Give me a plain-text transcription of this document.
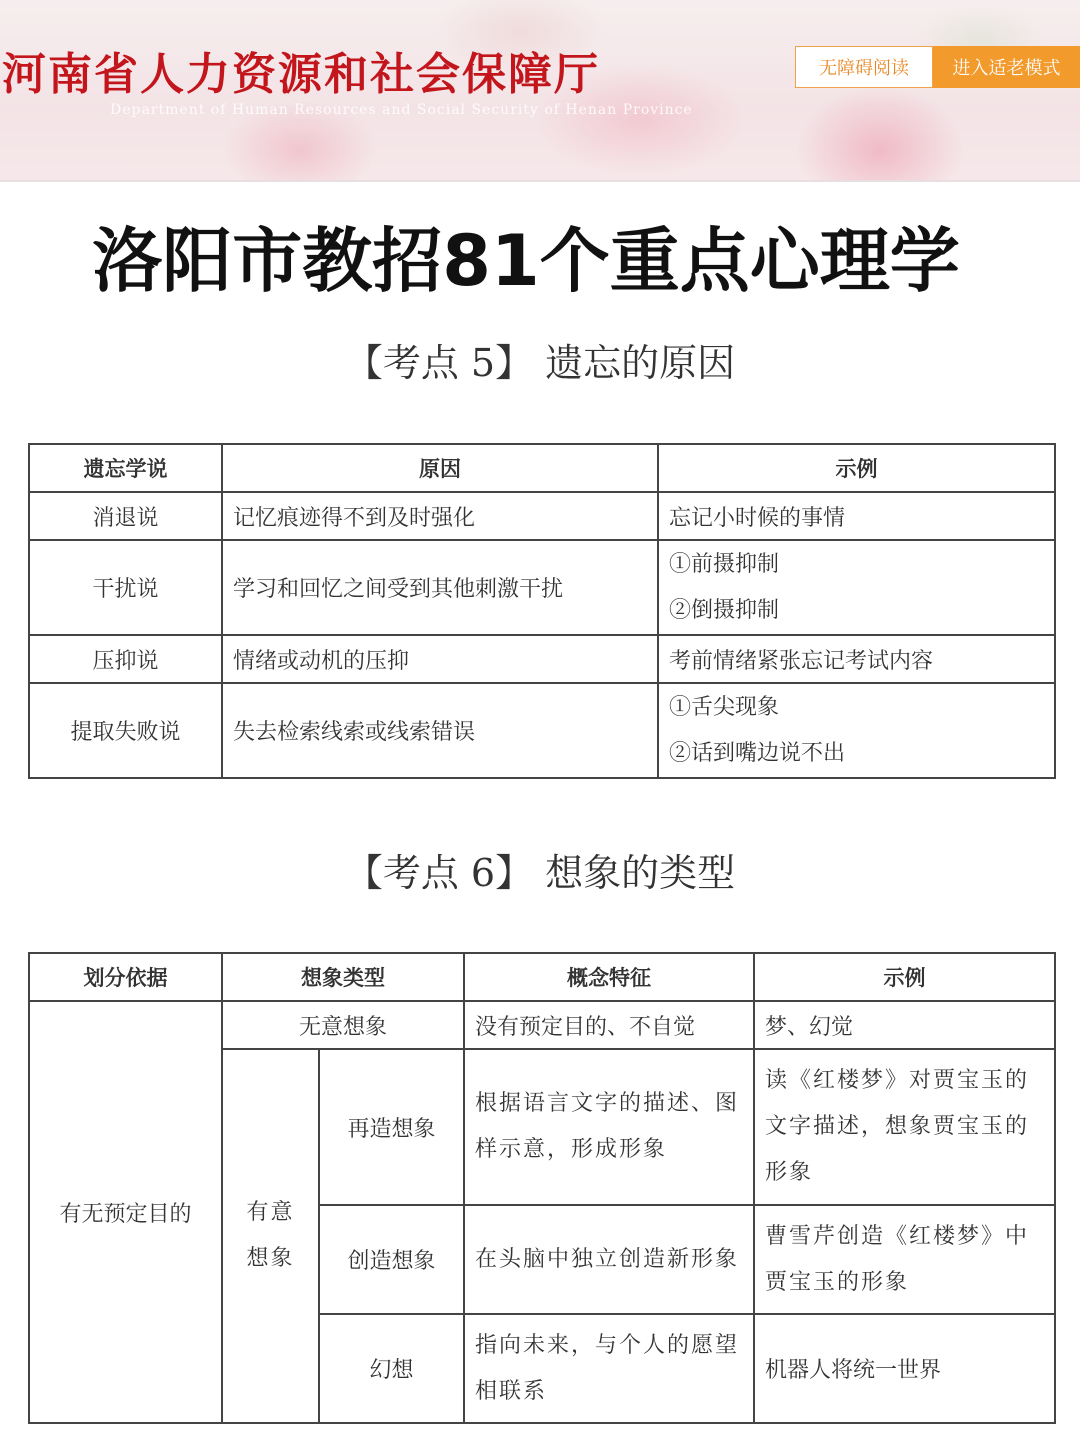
河南省人力资源和社会保障厅
Department of Human Resources and Social Security of Henan Province
无障碍阅读	进入适老模式
洛阳市教招81个重点心理学
【考点 5】 遗忘的原因
遗忘学说	原因	示例
消退说	记忆痕迹得不到及时强化	忘记小时候的事情
干扰说	学习和回忆之间受到其他刺激干扰	①前摄抑制
②倒摄抑制

压抑说	情绪或动机的压抑	考前情绪紧张忘记考试内容
提取失败说	失去检索线索或线索错误	①舌尖现象
②话到嘴边说不出
【考点 6】 想象的类型
划分依据	想象类型		概念特征	示例
有无预定目的	无意想象		没有预定目的、不自觉	梦、幻觉
	有意想象	再造想象	根据语言文字的描述、图样示意，形成形象	读《红楼梦》对贾宝玉的文字描述，想象贾宝玉的形象
		创造想象	在头脑中独立创造新形象	曹雪芹创造《红楼梦》中贾宝玉的形象
		幻想	指向未来，与个人的愿望相联系	机器人将统一世界
